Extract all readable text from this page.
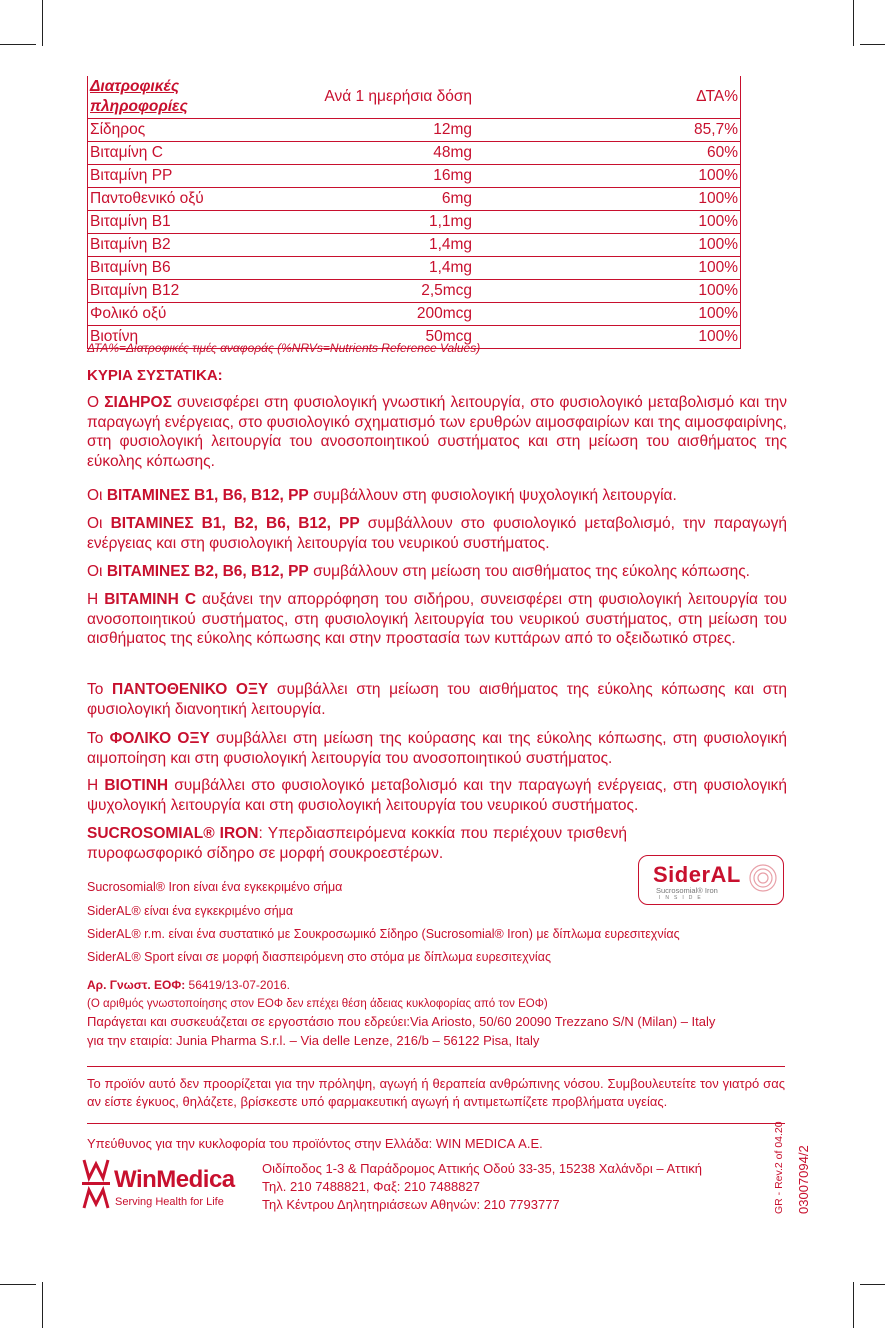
Διατροφικές πληροφορίες	Ανά 1 ημερήσια δόση	ΔΤΑ%
Σίδηρος	12mg	85,7%
Βιταμίνη C	48mg	60%
Βιταμίνη PP	16mg	100%
Παντοθενικό οξύ	6mg	100%
Βιταμίνη Β1	1,1mg	100%
Βιταμίνη Β2	1,4mg	100%
Βιταμίνη Β6	1,4mg	100%
Βιταμίνη Β12	2,5mcg	100%
Φολικό οξύ	200mcg	100%
Βιοτίνη	50mcg	100%
ΔΤΑ%=Διατροφικές τιμές αναφοράς (%NRVs=Nutrients Reference Values)
ΚΥΡΙΑ ΣΥΣΤΑΤΙΚΑ:

Ο ΣΙΔΗΡΟΣ συνεισφέρει στη φυσιολογική γνωστική λειτουργία, στο φυσιολογικό μεταβολισμό και την παραγωγή ενέργειας, στο φυσιολογικό σχηματισμό των ερυθρών αιμοσφαιρίων και της αιμοσφαιρίνης, στη φυσιολογική λειτουργία του ανοσοποιητικού συστήματος και στη μείωση του αισθήματος της εύκολης κόπωσης.

Οι ΒΙΤΑΜΙΝΕΣ Β1, Β6, Β12, PP συμβάλλουν στη φυσιολογική ψυχολογική λειτουργία.

Οι ΒΙΤΑΜΙΝΕΣ Β1, Β2, Β6, Β12, PP συμβάλλουν στο φυσιολογικό μεταβολισμό, την παραγωγή ενέργειας και στη φυσιολογική λειτουργία του νευρικού συστήματος.

Οι ΒΙΤΑΜΙΝΕΣ Β2, Β6, Β12, PP συμβάλλουν στη μείωση του αισθήματος της εύκολης κόπωσης.

Η ΒΙΤΑΜΙΝΗ C αυξάνει την απορρόφηση του σιδήρου, συνεισφέρει στη φυσιολογική λειτουργία του ανοσοποιητικού συστήματος, στη φυσιολογική λειτουργία του νευρικού συστήματος, στη μείωση του αισθήματος της εύκολης κόπωσης και στην προστασία των κυττάρων από το οξειδωτικό στρες.

Το ΠΑΝΤΟΘΕΝΙΚΟ ΟΞΥ συμβάλλει στη μείωση του αισθήματος της εύκολης κόπωσης και στη φυσιολογική διανοητική λειτουργία.

Το ΦΟΛΙΚΟ ΟΞΥ συμβάλλει στη μείωση της κούρασης και της εύκολης κόπωσης, στη φυσιολογική αιμοποίηση και στη φυσιολογική λειτουργία του ανοσοποιητικού συστήματος.

Η ΒΙΟΤΙΝΗ συμβάλλει στο φυσιολογικό μεταβολισμό και την παραγωγή ενέργειας, στη φυσιολογική ψυχολογική λειτουργία και στη φυσιολογική λειτουργία του νευρικού συστήματος.

SUCROSOMIAL® IRON: Υπερδιασπειρόμενα κοκκία που περιέχουν τρισθενή πυροφωσφορικό σίδηρο σε μορφή σουκροεστέρων.

SiderAL
Sucrosomial® Iron
INSIDE
Sucrosomial® Iron είναι ένα εγκεκριμένο σήμα
SiderAL® είναι ένα εγκεκριμένο σήμα
SiderAL® r.m. είναι ένα συστατικό με Σουκροσωμικό Σίδηρο (Sucrosomial® Iron) με δίπλωμα ευρεσιτεχνίας
SiderAL® Sport είναι σε μορφή διασπειρόμενη στο στόμα με δίπλωμα ευρεσιτεχνίας
Αρ. Γνωστ. ΕΟΦ: 56419/13-07-2016.
(Ο αριθμός γνωστοποίησης στον ΕΟΦ δεν επέχει θέση άδειας κυκλοφορίας από τον ΕΟΦ)
Παράγεται και συσκευάζεται σε εργοστάσιο που εδρεύει:Via Ariosto, 50/60 20090 Trezzano S/N (Milan) – Italy
για την εταιρία: Junia Pharma S.r.l. – Via delle Lenze, 216/b – 56122 Pisa, Italy
Το προϊόν αυτό δεν προορίζεται για την πρόληψη, αγωγή ή θεραπεία ανθρώπινης νόσου. Συμβουλευτείτε τον γιατρό σας αν είστε έγκυος, θηλάζετε, βρίσκεστε υπό φαρμακευτική αγωγή ή αντιμετωπίζετε προβλήματα υγείας.
Υπεύθυνος για την κυκλοφορία του προϊόντος στην Ελλάδα: WIN MEDICA Α.Ε.
WinMedica
Serving Health for Life
Οιδίποδος 1-3 & Παράδρομος Αττικής Οδού 33-35, 15238 Χαλάνδρι – Αττική
Τηλ. 210 7488821, Φαξ: 210 7488827
Τηλ Κέντρου Δηλητηριάσεων Αθηνών: 210 7793777	GR - Rev.2 of 04.20 03007094/2
